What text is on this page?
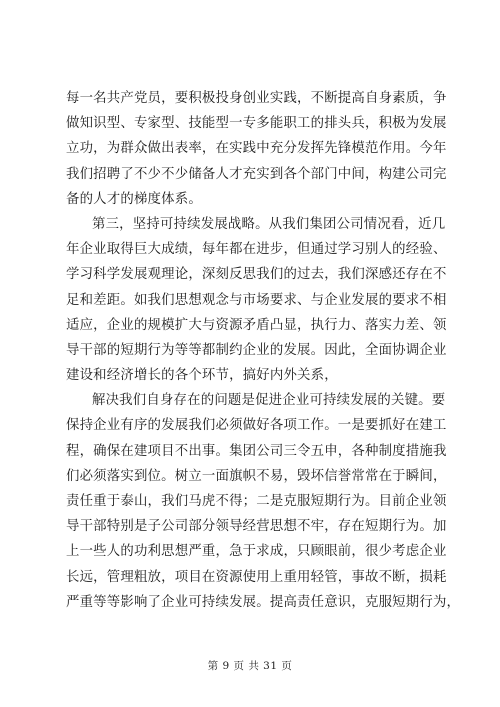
每一名共产党员，要积极投身创业实践，不断提高自身素质，争
做知识型、专家型、技能型一专多能职工的排头兵，积极为发展
立功，为群众做出表率，在实践中充分发挥先锋模范作用。今年
我们招聘了不少不少储备人才充实到各个部门中间，构建公司完
备的人才的梯度体系。
第三，坚持可持续发展战略。从我们集团公司情况看，近几
年企业取得巨大成绩，每年都在进步，但通过学习别人的经验、
学习科学发展观理论，深刻反思我们的过去，我们深感还存在不
足和差距。如我们思想观念与市场要求、与企业发展的要求不相
适应，企业的规模扩大与资源矛盾凸显，执行力、落实力差、领
导干部的短期行为等等都制约企业的发展。因此，全面协调企业
建设和经济增长的各个环节，搞好内外关系，
解决我们自身存在的问题是促进企业可持续发展的关键。要
保持企业有序的发展我们必须做好各项工作。一是要抓好在建工
程，确保在建项目不出事。集团公司三令五申，各种制度措施我
们必须落实到位。树立一面旗帜不易，毁坏信誉常常在于瞬间，
责任重于泰山，我们马虎不得；二是克服短期行为。目前企业领
导干部特别是子公司部分领导经营思想不牢，存在短期行为。加
上一些人的功利思想严重，急于求成，只顾眼前，很少考虑企业
长远，管理粗放，项目在资源使用上重用轻管，事故不断，损耗
严重等等影响了企业可持续发展。提高责任意识，克服短期行为，
第 9 页 共 31 页
